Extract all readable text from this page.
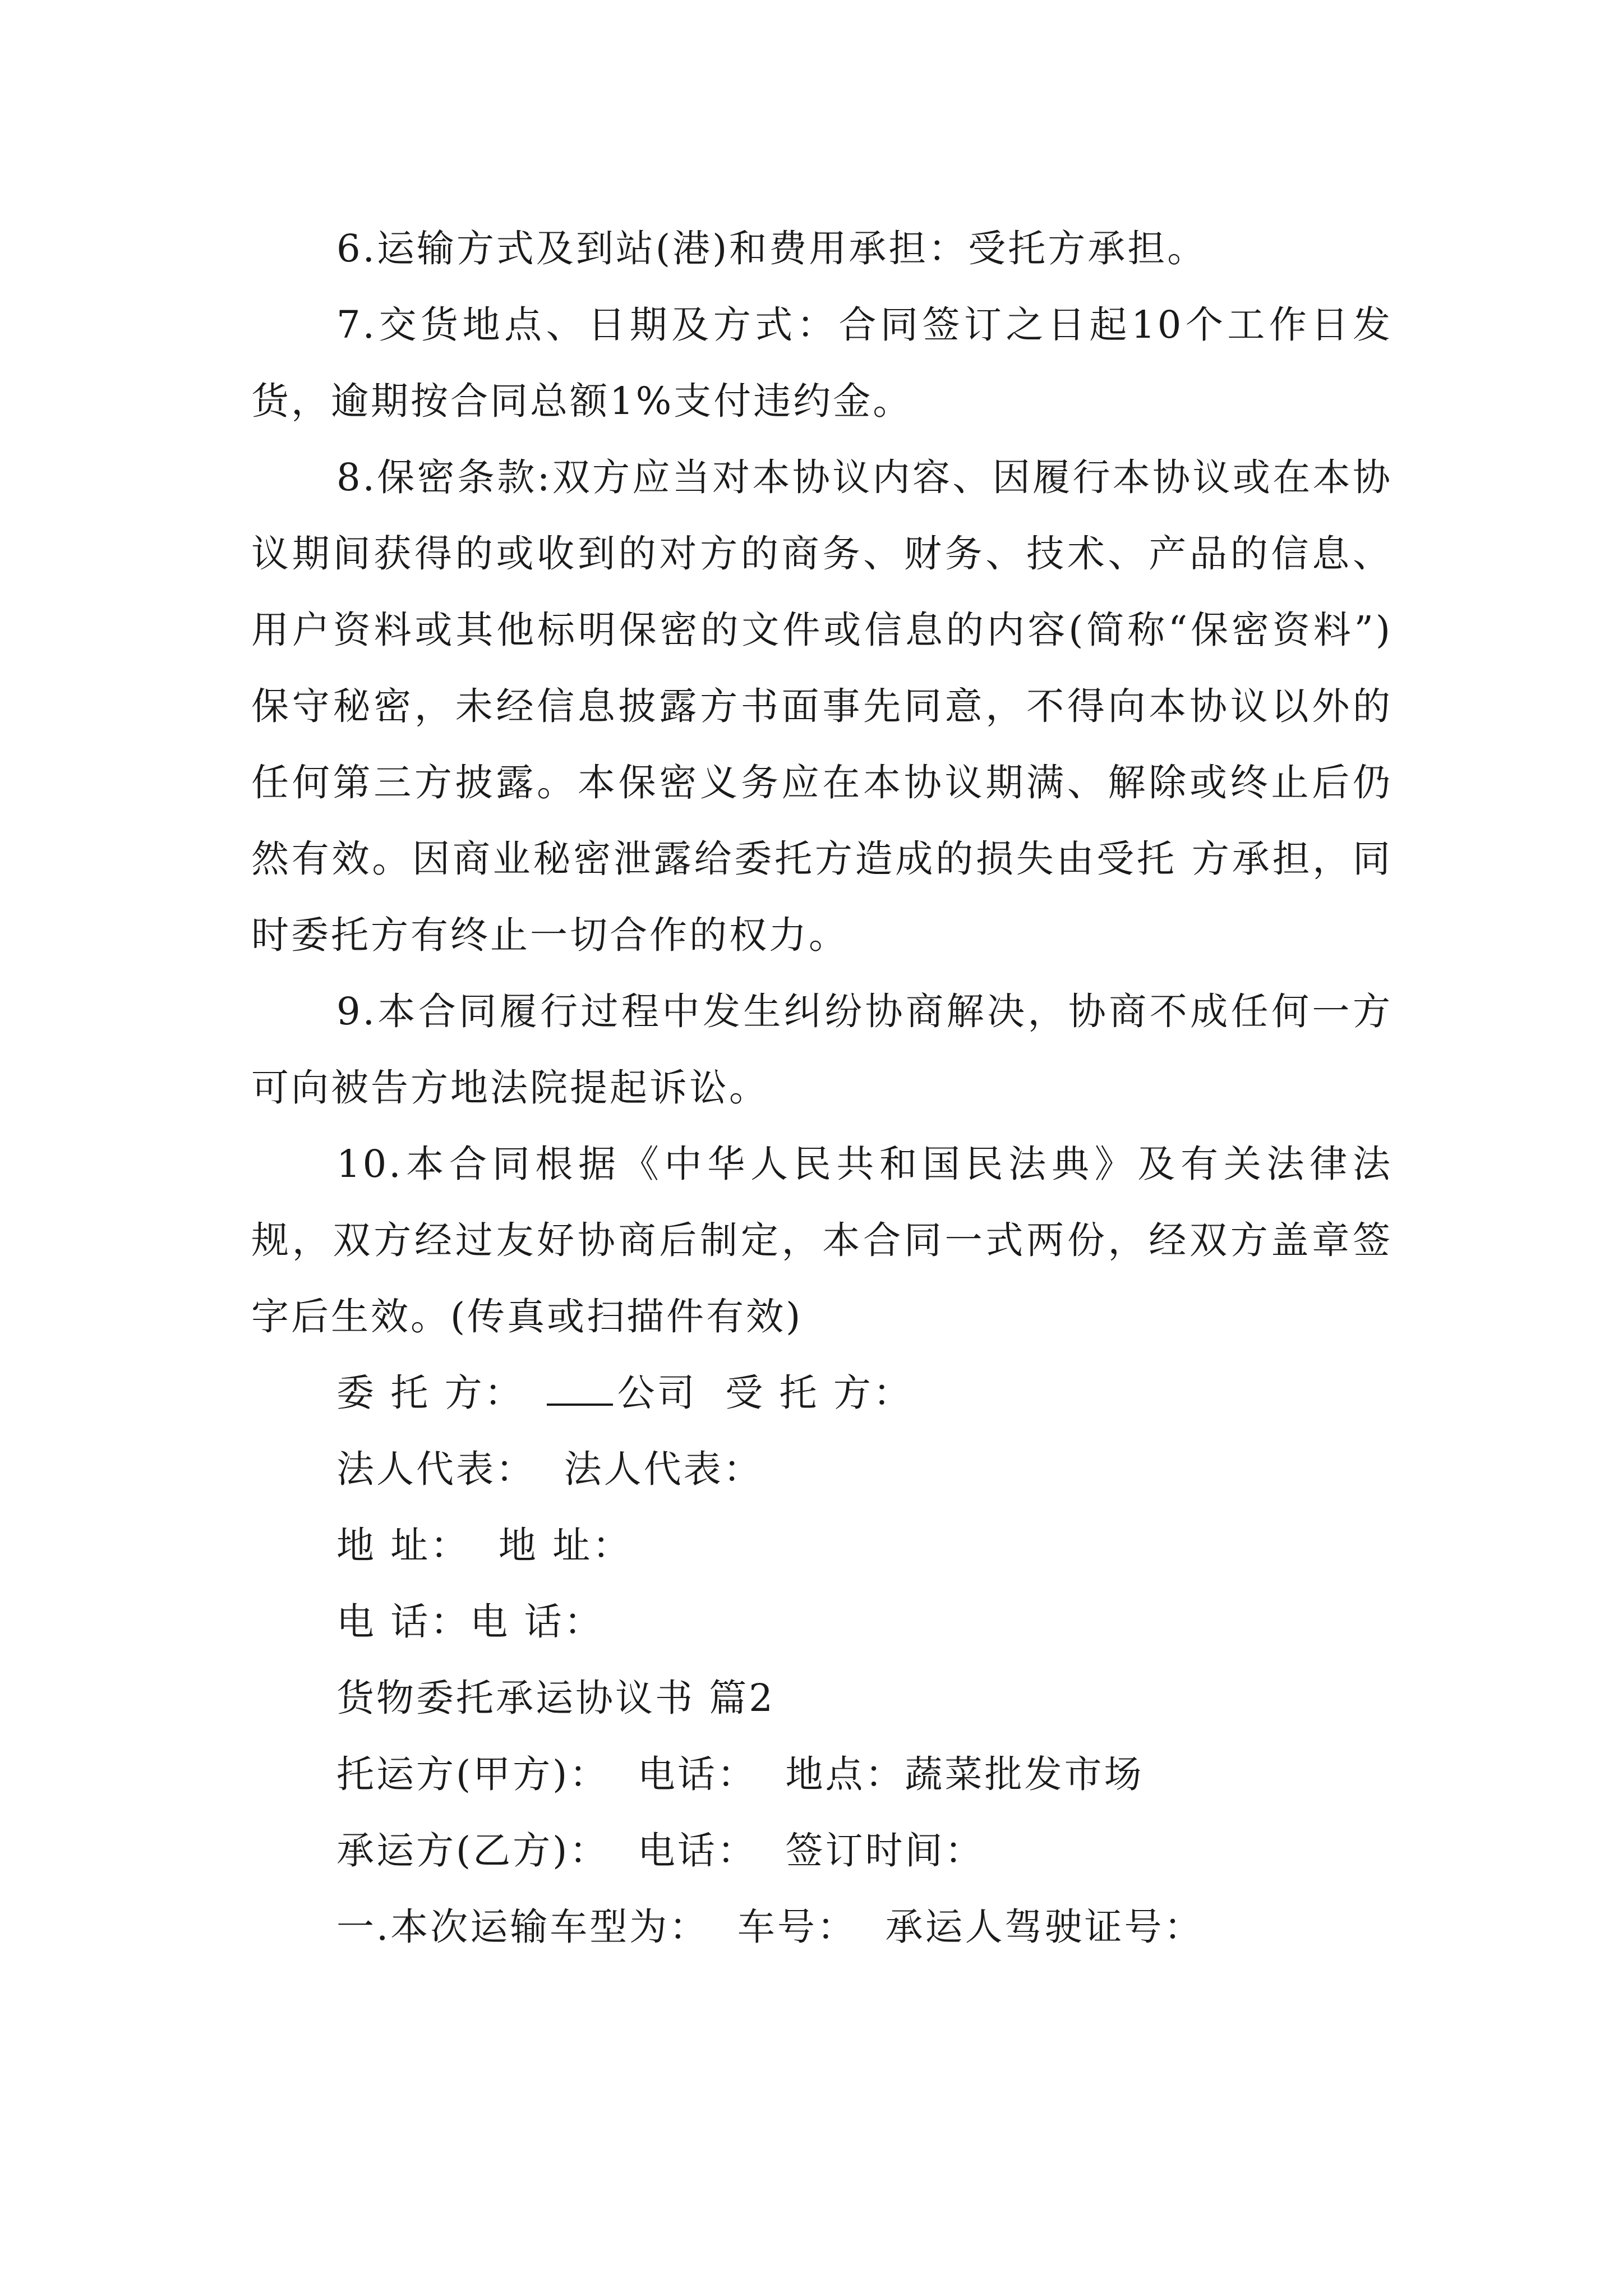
6.运输方式及到站(港)和费用承担：受托方承担。

7.交货地点、日期及方式：合同签订之日起10个工作日发货，逾期按合同总额1%支付违约金。

8.保密条款:双方应当对本协议内容、因履行本协议或在本协议期间获得的或收到的对方的商务、财务、技术、产品的信息、用户资料或其他标明保密的文件或信息的内容(简称“保密资料”)保守秘密，未经信息披露方书面事先同意，不得向本协议以外的任何第三方披露。本保密义务应在本协议期满、解除或终止后仍然有效。因商业秘密泄露给委托方造成的损失由受托 方承担，同时委托方有终止一切合作的权力。

9.本合同履行过程中发生纠纷协商解决，协商不成任何一方可向被告方地法院提起诉讼。

10.本合同根据《中华人民共和国民法典》及有关法律法规，双方经过友好协商后制定，本合同一式两份，经双方盖章签字后生效。(传真或扫描件有效)

委 托 方： 公司 受 托 方：

法人代表：  法人代表：

地 址：  地 址：

电 话：电 话：

货物委托承运协议书 篇2

托运方(甲方)：  电话：  地点：蔬菜批发市场

承运方(乙方)：  电话：  签订时间：

一.本次运输车型为：  车号：  承运人驾驶证号：
